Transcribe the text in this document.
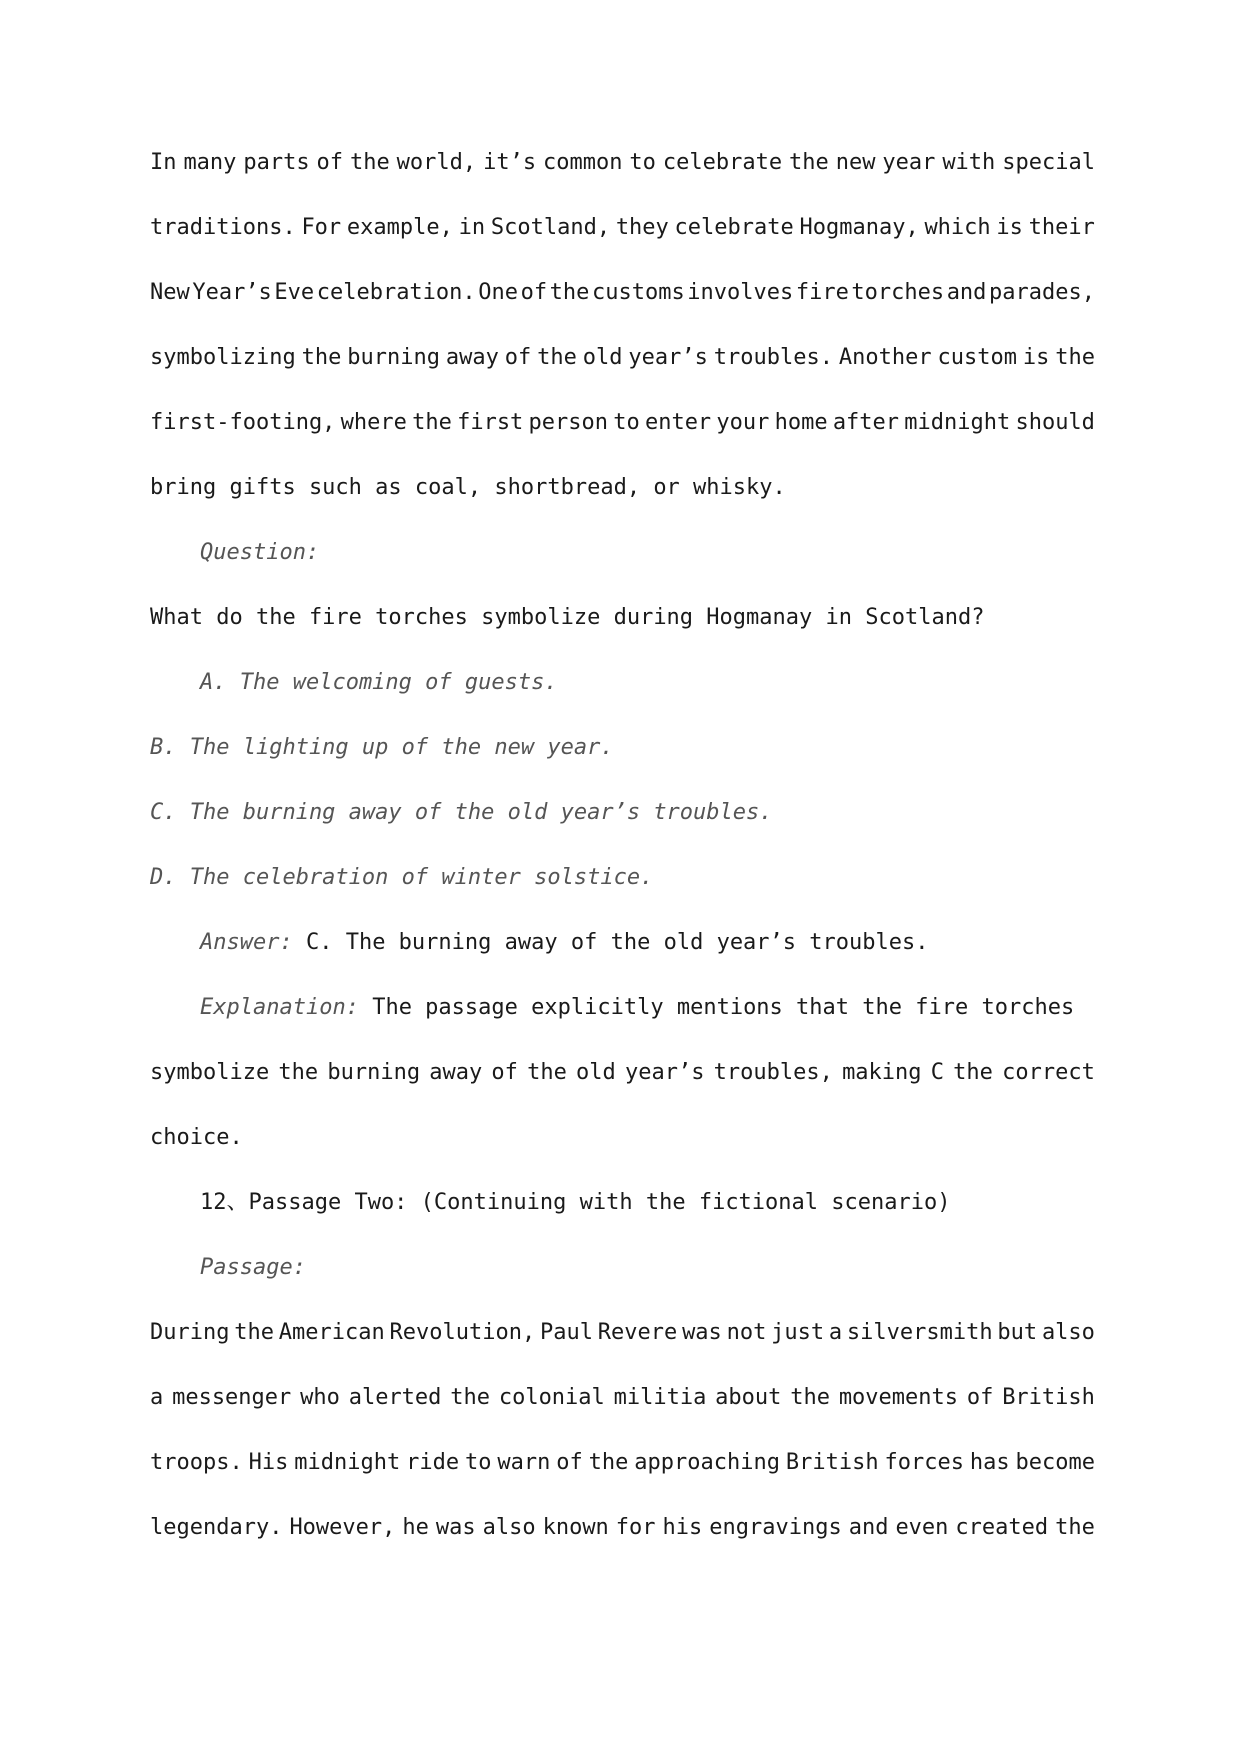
In many parts of the world, it’s common to celebrate the new year with special
traditions. For example, in Scotland, they celebrate Hogmanay, which is their
New Year’s Eve celebration. One of the customs involves fire torches and parades,
symbolizing the burning away of the old year’s troubles. Another custom is the
first-footing, where the first person to enter your home after midnight should
bring gifts such as coal, shortbread, or whisky.
Question:
What do the fire torches symbolize during Hogmanay in Scotland?
A. The welcoming of guests.
B. The lighting up of the new year.
C. The burning away of the old year’s troubles.
D. The celebration of winter solstice.
Answer:
C. The burning away of the old year’s troubles.
Explanation:
The passage explicitly mentions that the fire torches
symbolize the burning away of the old year’s troubles, making C the correct
choice.
12、Passage Two: (Continuing with the fictional scenario)
Passage:
During the American Revolution, Paul Revere was not just a silversmith but also
a messenger who alerted the colonial militia about the movements of British
troops. His midnight ride to warn of the approaching British forces has become
legendary. However, he was also known for his engravings and even created the
